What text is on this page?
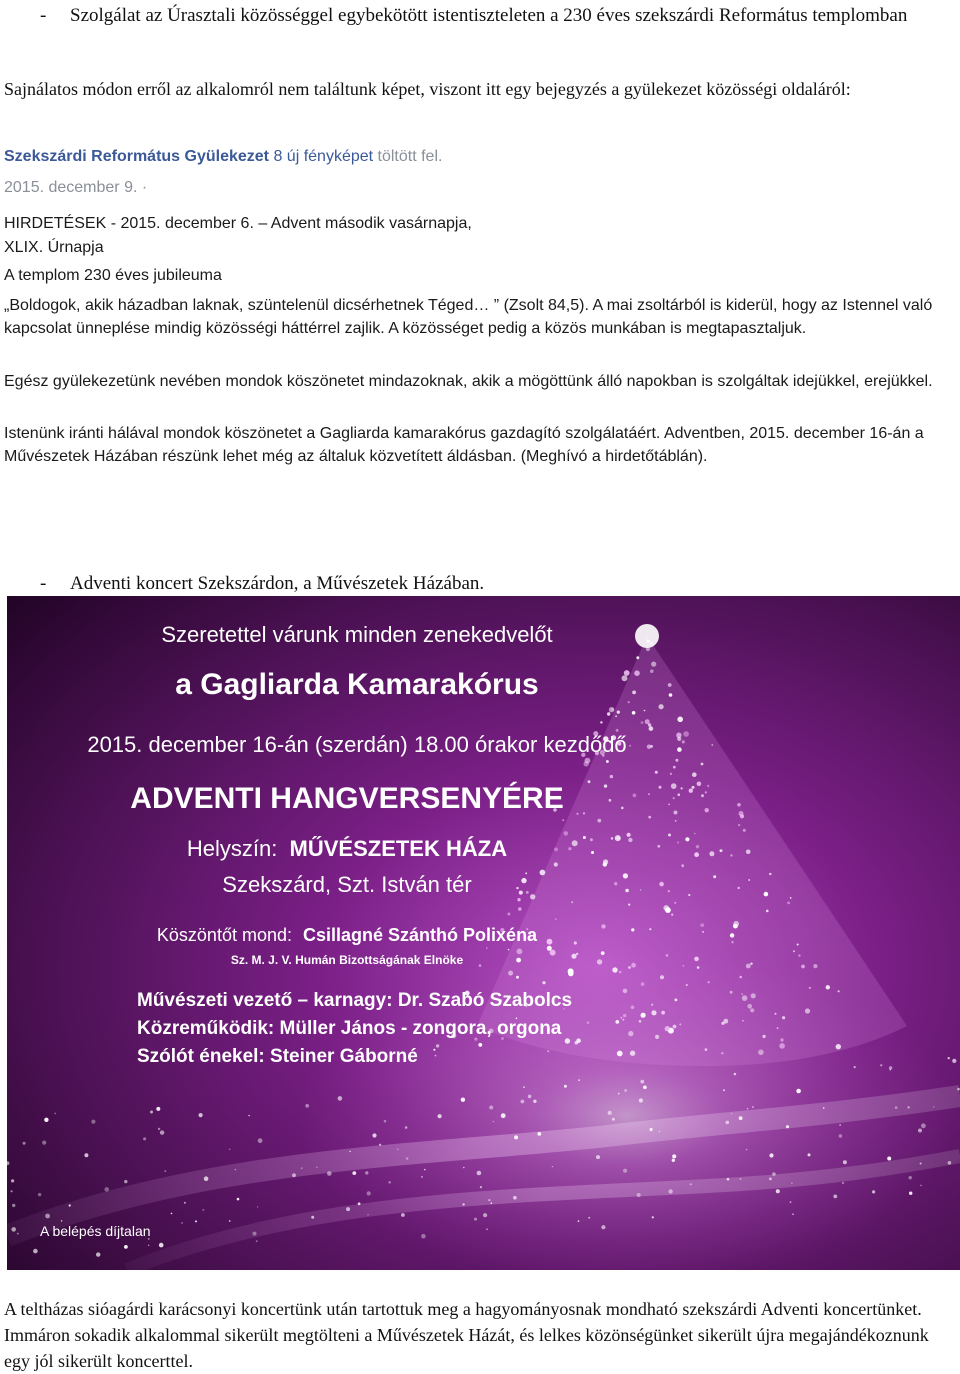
- Szolgálat az Úrasztali közösséggel egybekötött istentiszteleten a 230 éves szekszárdi Református templomban
Sajnálatos módon erről az alkalomról nem találtunk képet, viszont itt egy bejegyzés a gyülekezet közösségi oldaláról:
Szekszárdi Református Gyülekezet 8 új fényképet töltött fel.
2015. december 9. ·
HIRDETÉSEK - 2015. december 6. – Advent második vasárnapja,
XLIX. Úrnapja
A templom 230 éves jubileuma
„Boldogok, akik házadban laknak, szüntelenül dicsérhetnek Téged… ” (Zsolt 84,5). A mai zsoltárból is kiderül, hogy az Istennel való kapcsolat ünneplése mindig közösségi háttérrel zajlik. A közösséget pedig a közös munkában is megtapasztaljuk.
Egész gyülekezetünk nevében mondok köszönetet mindazoknak, akik a mögöttünk álló napokban is szolgáltak idejükkel, erejükkel.
Istenünk iránti hálával mondok köszönetet a Gagliarda kamarakórus gazdagító szolgálatáért. Adventben, 2015. december 16-án a Művészetek Házában részünk lehet még az általuk közvetített áldásban. (Meghívó a hirdetőtáblán).
- Adventi koncert Szekszárdon, a Művészetek Házában.
Szeretettel várunk minden zenekedvelőt
a Gagliarda Kamarakórus
2015. december 16-án (szerdán) 18.00 órakor kezdődő
ADVENTI HANGVERSENYÉRE
Helyszín: MŰVÉSZETEK HÁZA
Szekszárd, Szt. István tér
Köszöntőt mond: Csillagné Szánthó Polixéna
Sz. M. J. V. Humán Bizottságának Elnöke
Művészeti vezető – karnagy: Dr. Szabó Szabolcs
Közreműködik: Müller János - zongora, orgona
Szólót énekel: Steiner Gáborné
A belépés díjtalan
A teltházas sióagárdi karácsonyi koncertünk után tartottuk meg a hagyományosnak mondható szekszárdi Adventi koncertünket. Immáron sokadik alkalommal sikerült megtölteni a Művészetek Házát, és lelkes közönségünket sikerült újra megajándékoznunk egy jól sikerült koncerttel.
